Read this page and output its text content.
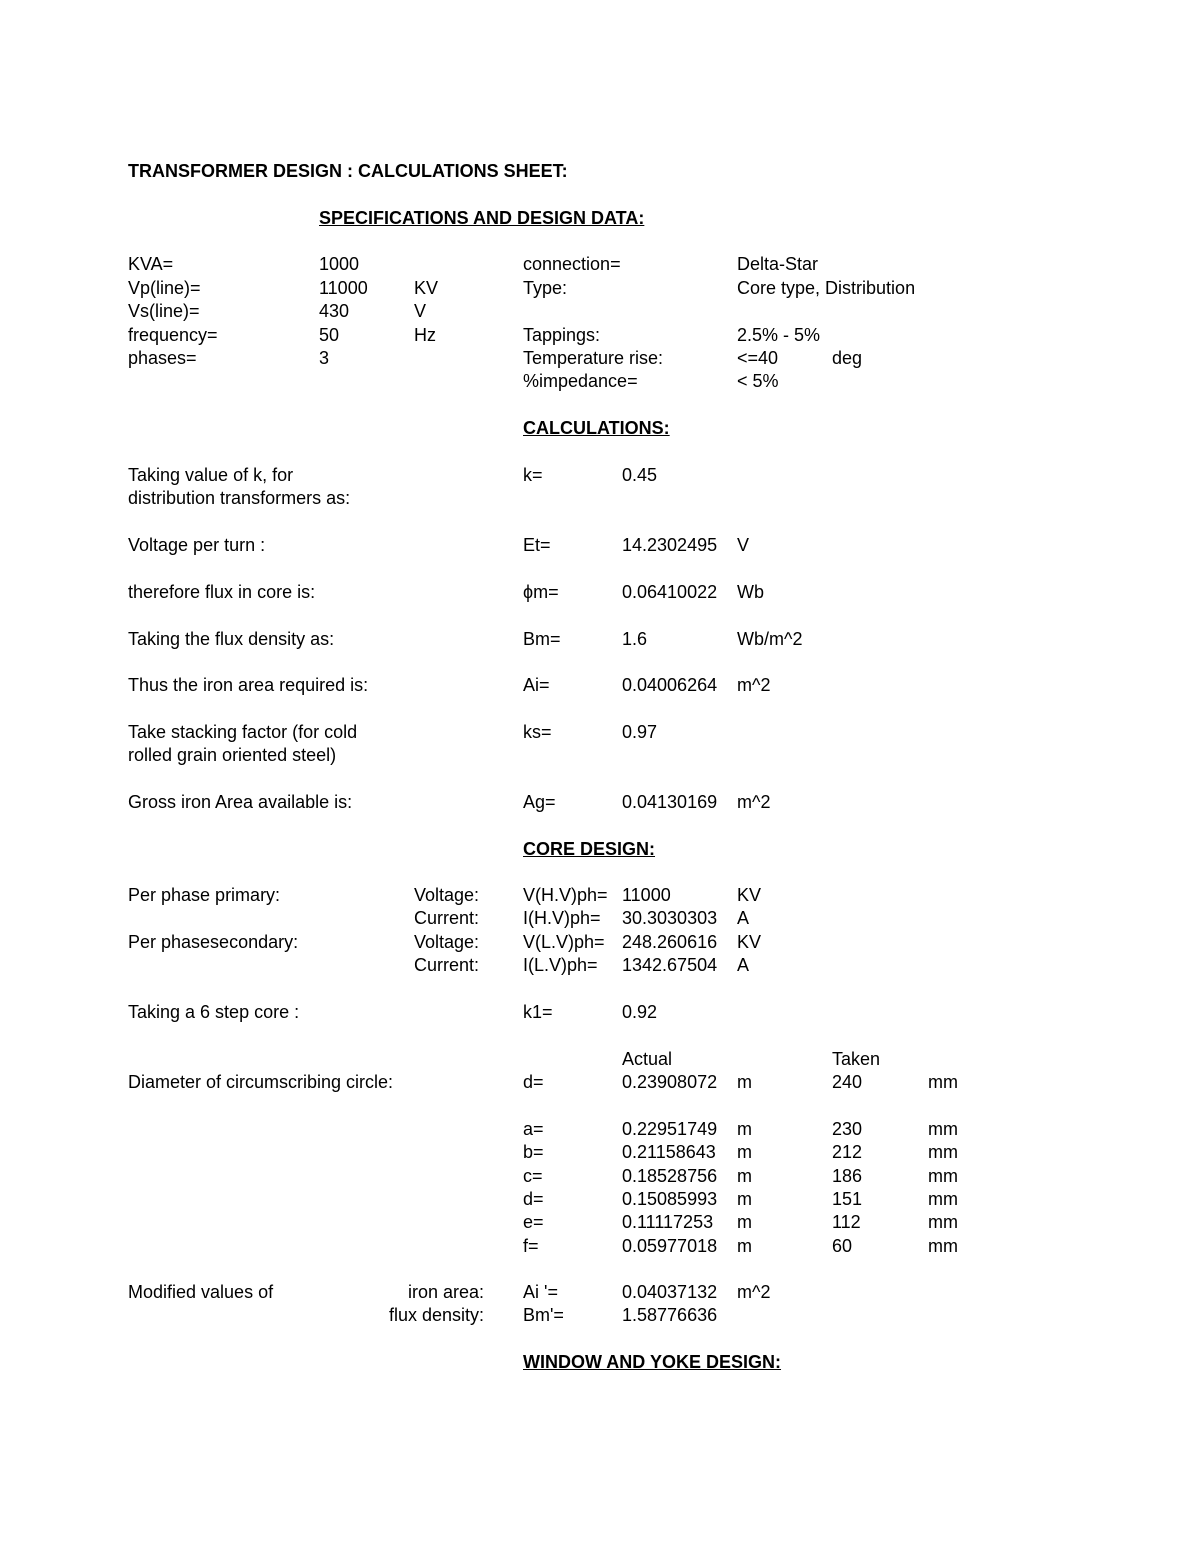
TRANSFORMER DESIGN : CALCULATIONS SHEET:
SPECIFICATIONS AND DESIGN DATA:
KVA=	1000	connection=	Delta-Star
Vp(line)=	11000	KV	Type:	Core type, Distribution
Vs(line)=	430	V
frequency=	50	Hz	Tappings:	2.5% - 5%
phases=	3	Temperature rise:	<=40	deg
%impedance=	< 5%
CALCULATIONS:
Taking value of k, for
distribution transformers as:
k=	0.45
Voltage per turn :	Et=	14.2302495 V
therefore flux in core is:	ϕm=	0.06410022 Wb
Taking the flux density as:	Bm=	1.6	Wb/m^2
Thus the iron area required is:	Ai=	0.04006264 m^2
Take stacking factor (for cold
rolled grain oriented steel)
ks=	0.97
Gross iron Area available is:	Ag=	0.04130169 m^2
CORE DESIGN:
Per phase primary:	Voltage: V(H.V)ph= 11000	KV
Current: I(H.V)ph= 30.3030303 A
Per phasesecondary:	Voltage: V(L.V)ph= 248.260616 KV
Current: I(L.V)ph= 1342.67504 A
Taking a 6 step core :	k1=	0.92
Actual	Taken
Diameter of circumscribing circle:	d=	0.23908072 m	240	mm
a=	0.22951749 m	230	mm
b=	0.21158643 m	212	mm
c=	0.18528756 m	186	mm
d=	0.15085993 m	151	mm
e=	0.11117253 m	112	mm
f=	0.05977018 m	60	mm
Modified values of	iron area: Ai '=	0.04037132 m^2
flux density: Bm'=	1.58776636
WINDOW AND YOKE DESIGN:
